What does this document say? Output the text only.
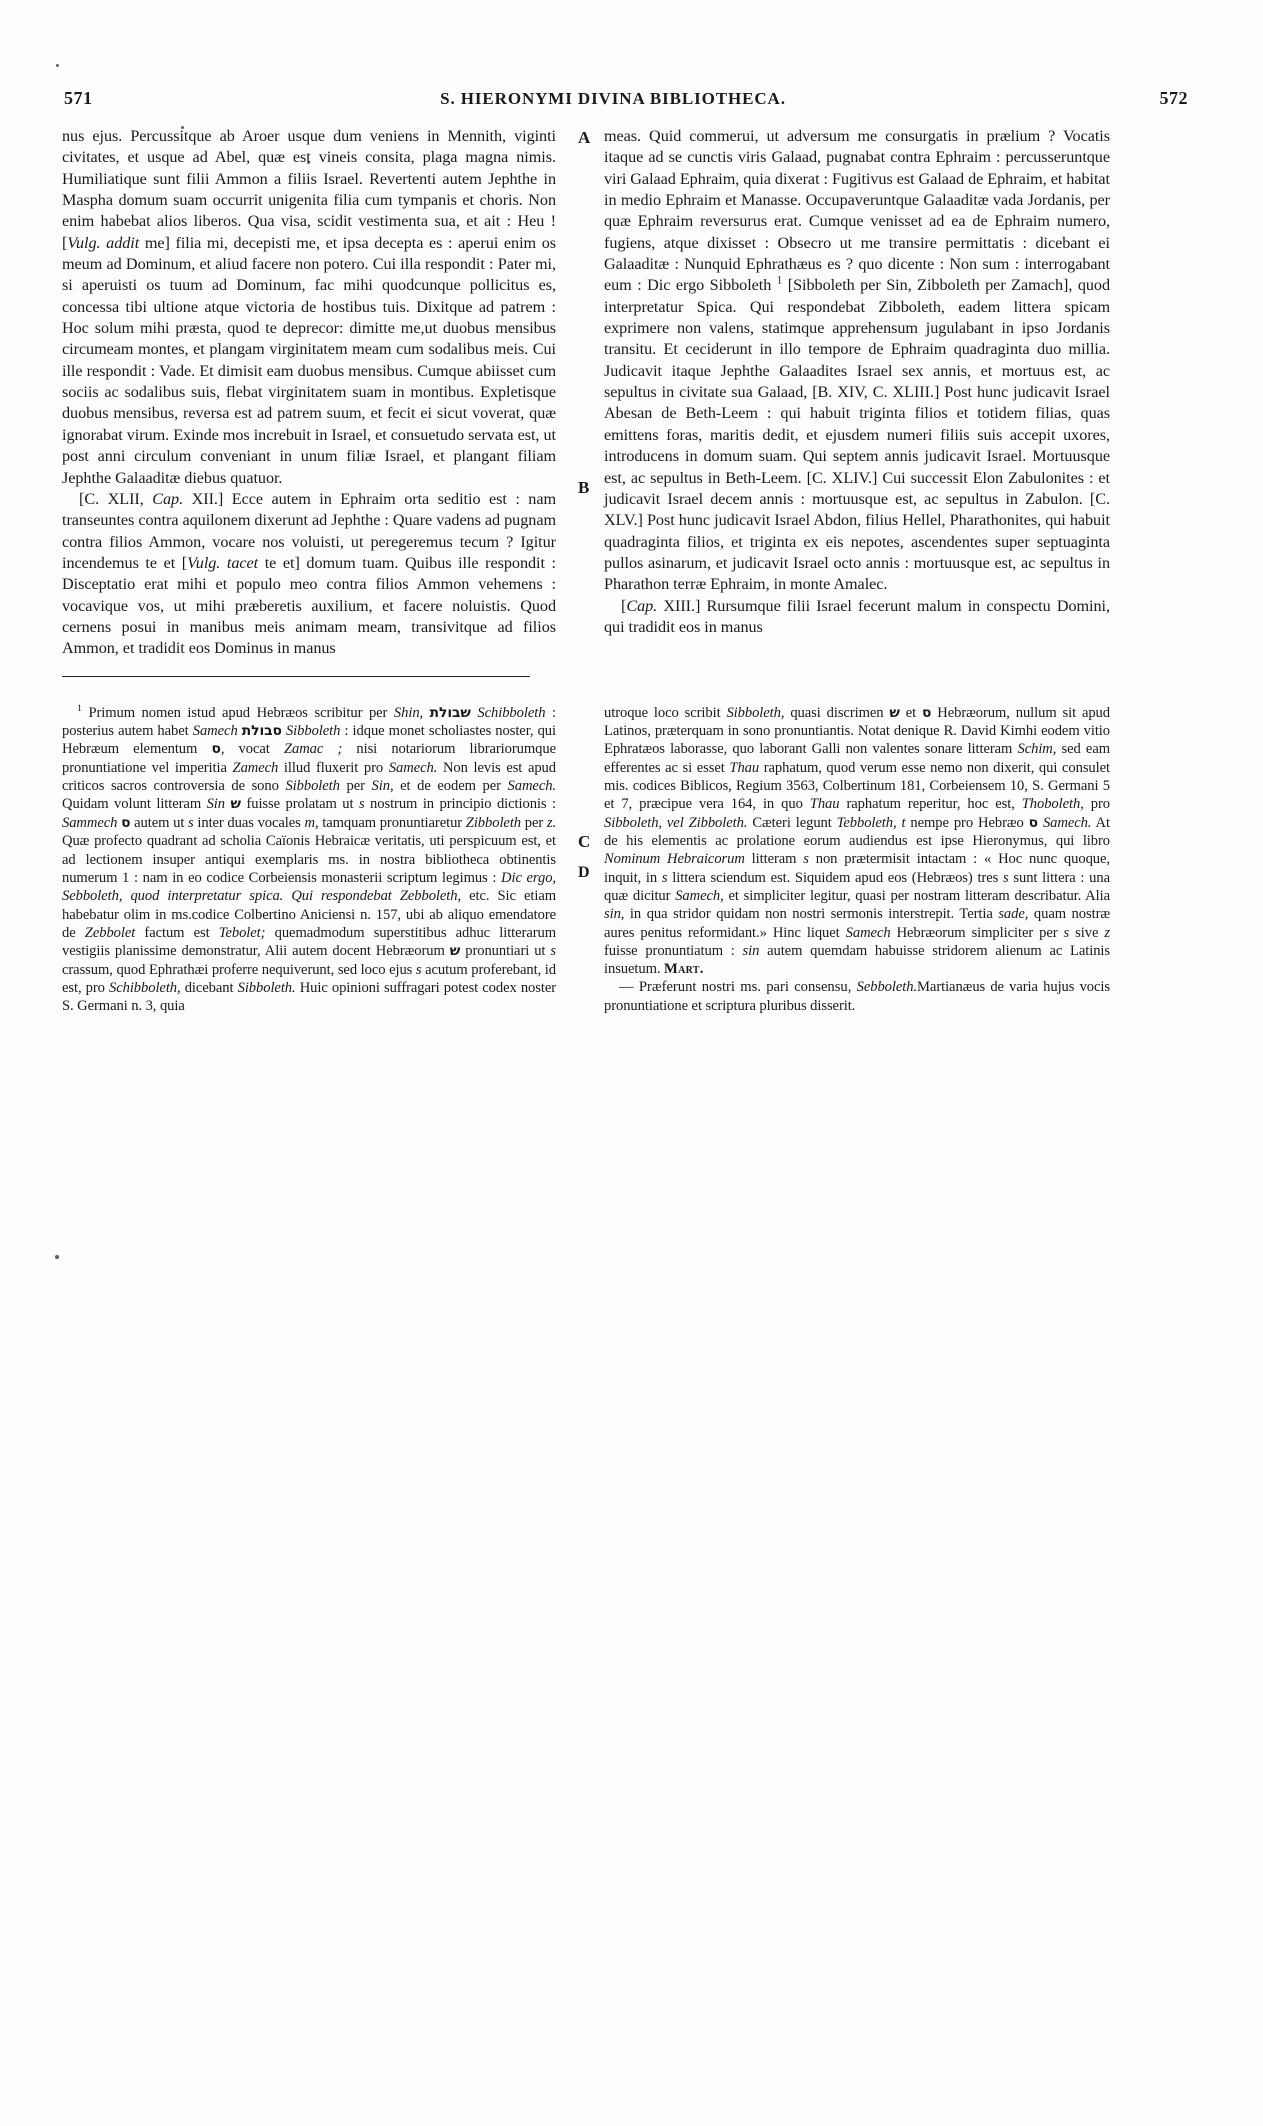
571	S. HIERONYMI DIVINA BIBLIOTHECA.	572

nus ejus. Percussitque ab Aroer usque dum veniens in Mennith, viginti civitates, et usque ad Abel, quæ est vineis consita, plaga magna nimis. Humiliatique sunt filii Ammon a filiis Israel. Revertenti autem Jephthe in Maspha domum suam occurrit unigenita filia cum tympanis et choris. Non enim habebat alios liberos. Qua visa, scidit vestimenta sua, et ait : Heu ! [Vulg. addit me] filia mi, decepisti me, et ipsa decepta es : aperui enim os meum ad Dominum, et aliud facere non potero. Cui illa respondit : Pater mi, si aperuisti os tuum ad Dominum, fac mihi quodcunque pollicitus es, concessa tibi ultione atque victoria de hostibus tuis. Dixitque ad patrem : Hoc solum mihi præsta, quod te deprecor: dimitte me,ut duobus mensibus circumeam montes, et plangam virginitatem meam cum sodalibus meis. Cui ille respondit : Vade. Et dimisit eam duobus mensibus. Cumque abiisset cum sociis ac sodalibus suis, flebat virginitatem suam in montibus. Expletisque duobus mensibus, reversa est ad patrem suum, et fecit ei sicut voverat, quæ ignorabat virum. Exinde mos increbuit in Israel, et consuetudo servata est, ut post anni circulum conveniant in unum filiæ Israel, et plangant filiam Jephthe Galaaditæ diebus quatuor.

[C. XLII, Cap. XII.] Ecce autem in Ephraim orta seditio est : nam transeuntes contra aquilonem dixerunt ad Jephthe : Quare vadens ad pugnam contra filios Ammon, vocare nos voluisti, ut peregeremus tecum ? Igitur incendemus te et [Vulg. tacet te et] domum tuam. Quibus ille respondit : Disceptatio erat mihi et populo meo contra filios Ammon vehemens : vocavique vos, ut mihi præberetis auxilium, et facere noluistis. Quod cernens posui in manibus meis animam meam, transivitque ad filios Ammon, et tradidit eos Dominus in manus

A
B
C

meas. Quid commerui, ut adversum me consurgatis in prælium ? Vocatis itaque ad se cunctis viris Galaad, pugnabat contra Ephraim : percusseruntque viri Galaad Ephraim, quia dixerat : Fugitivus est Galaad de Ephraim, et habitat in medio Ephraim et Manasse. Occupaveruntque Galaaditæ vada Jordanis, per quæ Ephraim reversurus erat. Cumque venisset ad ea de Ephraim numero, fugiens, atque dixisset : Obsecro ut me transire permittatis : dicebant ei Galaaditæ : Nunquid Ephrathæus es ? quo dicente : Non sum : interrogabant eum : Dic ergo Sibboleth $^1$ [Sibboleth per Sin, Zibboleth per Zamach], quod interpretatur Spica. Qui respondebat Zibboleth, eadem littera spicam exprimere non valens, statimque apprehensum jugulabant in ipso Jordanis transitu. Et ceciderunt in illo tempore de Ephraim quadraginta duo millia. Judicavit itaque Jephthe Galaadites Israel sex annis, et mortuus est, ac sepultus in civitate sua Galaad, [B. XIV, C. XLIII.] Post hunc judicavit Israel Abesan de Beth-Leem : qui habuit triginta filios et totidem filias, quas emittens foras, maritis dedit, et ejusdem numeri filiis suis accepit uxores, introducens in domum suam. Qui septem annis judicavit Israel. Mortuusque est, ac sepultus in Beth-Leem. [C. XLIV.] Cui successit Elon Zabulonites : et judicavit Israel decem annis : mortuusque est, ac sepultus in Zabulon. [C. XLV.] Post hunc judicavit Israel Abdon, filius Hellel, Pharathonites, qui habuit quadraginta filios, et triginta ex eis nepotes, ascendentes super septuaginta pullos asinarum, et judicavit Israel octo annis : mortuusque est, ac sepultus in Pharathon terræ Ephraim, in monte Amalec.

[Cap. XIII.] Rursumque filii Israel fecerunt malum in conspectu Domini, qui tradidit eos in manus

$^1$ Primum nomen istud apud Hebræos scribitur per Shin, שבולת Schibboleth : posterius autem habet Samech סבולת Sibboleth : idque monet scholiastes noster, qui Hebræum elementum ס, vocat Zamac ; nisi notariorum librariorumque pronuntiatione vel imperitia Zamech illud fluxerit pro Samech. Non levis est apud criticos sacros controversia de sono Sibboleth per Sin, et de eodem per Samech. Quidam volunt litteram Sin ש fuisse prolatam ut s nostrum in principio dictionis : Sammech ס autem ut s inter duas vocales m, tamquam pronuntiaretur Zibboleth per z. Quæ profecto quadrant ad scholia Caïonis Hebraicæ veritatis, uti perspicuum est, et ad lectionem insuper antiqui exemplaris ms. in nostra bibliotheca obtinentis numerum 1 : nam in eo codice Corbeiensis monasterii scriptum legimus : Dic ergo, Sebboleth, quod interpretatur spica. Qui respondebat Zebboleth, etc. Sic etiam habebatur olim in ms.codice Colbertino Aniciensi n. 157, ubi ab aliquo emendatore de Zebbolet factum est Tebolet; quemadmodum superstitibus adhuc litterarum vestigiis planissime demonstratur, Alii autem docent Hebræorum ש pronuntiari ut s crassum, quod Ephrathæi proferre nequiverunt, sed loco ejus s acutum proferebant, id est, pro Schibboleth, dicebant Sibboleth. Huic opinioni suffragari potest codex noster S. Germani n. 3, quia

D

utroque loco scribit Sibboleth, quasi discrimen ש et ס Hebræorum, nullum sit apud Latinos, præterquam in sono pronuntiantis. Notat denique R. David Kimhi eodem vitio Ephratæos laborasse, quo laborant Galli non valentes sonare litteram Schim, sed eam efferentes ac si esset Thau raphatum, quod verum esse nemo non dixerit, qui consulet mis. codices Biblicos, Regium 3563, Colbertinum 181, Corbeiensem 10, S. Germani 5 et 7, præcipue vera 164, in quo Thau raphatum reperitur, hoc est, Thoboleth, pro Sibboleth, vel Zibboleth. Cæteri legunt Tebboleth, t nempe pro Hebræo ס Samech. At de his elementis ac prolatione eorum audiendus est ipse Hieronymus, qui libro Nominum Hebraicorum litteram s non prætermisit intactam : « Hoc nunc quoque, inquit, in s littera sciendum est. Siquidem apud eos (Hebræos) tres s sunt littera : una quæ dicitur Samech, et simpliciter legitur, quasi per nostram litteram describatur. Alia sin, in qua stridor quidam non nostri sermonis interstrepit. Tertia sade, quam nostræ aures penitus reformidant.» Hinc liquet Samech Hebræorum simpliciter per s sive z fuisse pronuntiatum : sin autem quemdam habuisse stridorem alienum ac Latinis insuetum. Mart.

— Præferunt nostri ms. pari consensu, Sebboleth.Martianæus de varia hujus vocis pronuntiatione et scriptura pluribus disserit.
